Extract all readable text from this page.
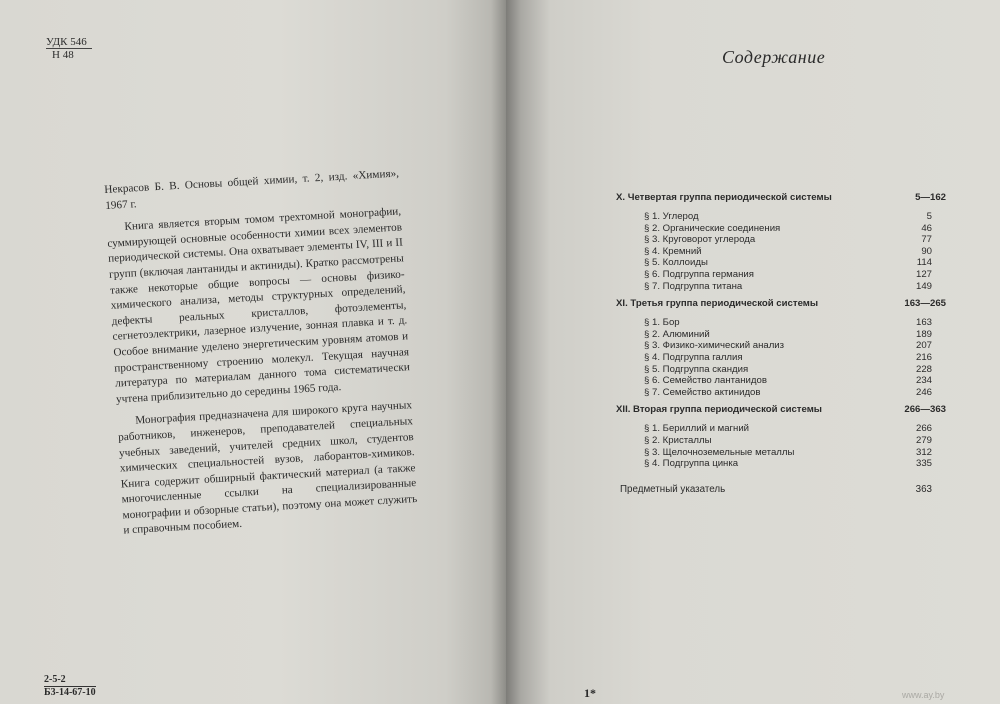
УДК 546
Н 48

Некрасов Б. В. Основы общей химии, т. 2, изд. «Химия», 1967 г.

Книга является вторым томом трехтомной монографии, суммирующей основные особенности химии всех элементов периодической системы. Она охватывает элементы IV, III и II групп (включая лантаниды и актиниды). Кратко рассмотрены также некоторые общие вопросы — основы физико-химического анализа, методы структурных определений, дефекты реальных кристаллов, фотоэлементы, сегнетоэлектрики, лазерное излучение, зонная плавка и т. д. Особое внимание уделено энергетическим уровням атомов и пространственному строению молекул. Текущая научная литература по материалам данного тома систематически учтена приблизительно до середины 1965 года.

Монография предназначена для широкого круга научных работников, инженеров, преподавателей специальных учебных заведений, учителей средних школ, студентов химических специальностей вузов, лаборантов-химиков. Книга содержит обширный фактический материал (а также многочисленные ссылки на специализированные монографии и обзорные статьи), поэтому она может служить и справочным пособием.

2-5-2
Б3-14-67-10
Содержание
X. Четвертая группа периодической системы	5—162
§ 1. Углерод	5
§ 2. Органические соединения	46
§ 3. Круговорот углерода	77
§ 4. Кремний	90
§ 5. Коллоиды	114
§ 6. Подгруппа германия	127
§ 7. Подгруппа титана	149
XI. Третья группа периодической системы	163—265
§ 1. Бор	163
§ 2. Алюминий	189
§ 3. Физико-химический анализ	207
§ 4. Подгруппа галлия	216
§ 5. Подгруппа скандия	228
§ 6. Семейство лантанидов	234
§ 7. Семейство актинидов	246
XII. Вторая группа периодической системы	266—363
§ 1. Бериллий и магний	266
§ 2. Кристаллы	279
§ 3. Щелочноземельные металлы	312
§ 4. Подгруппа цинка	335
Предметный указатель	363
1*	www.ay.by
